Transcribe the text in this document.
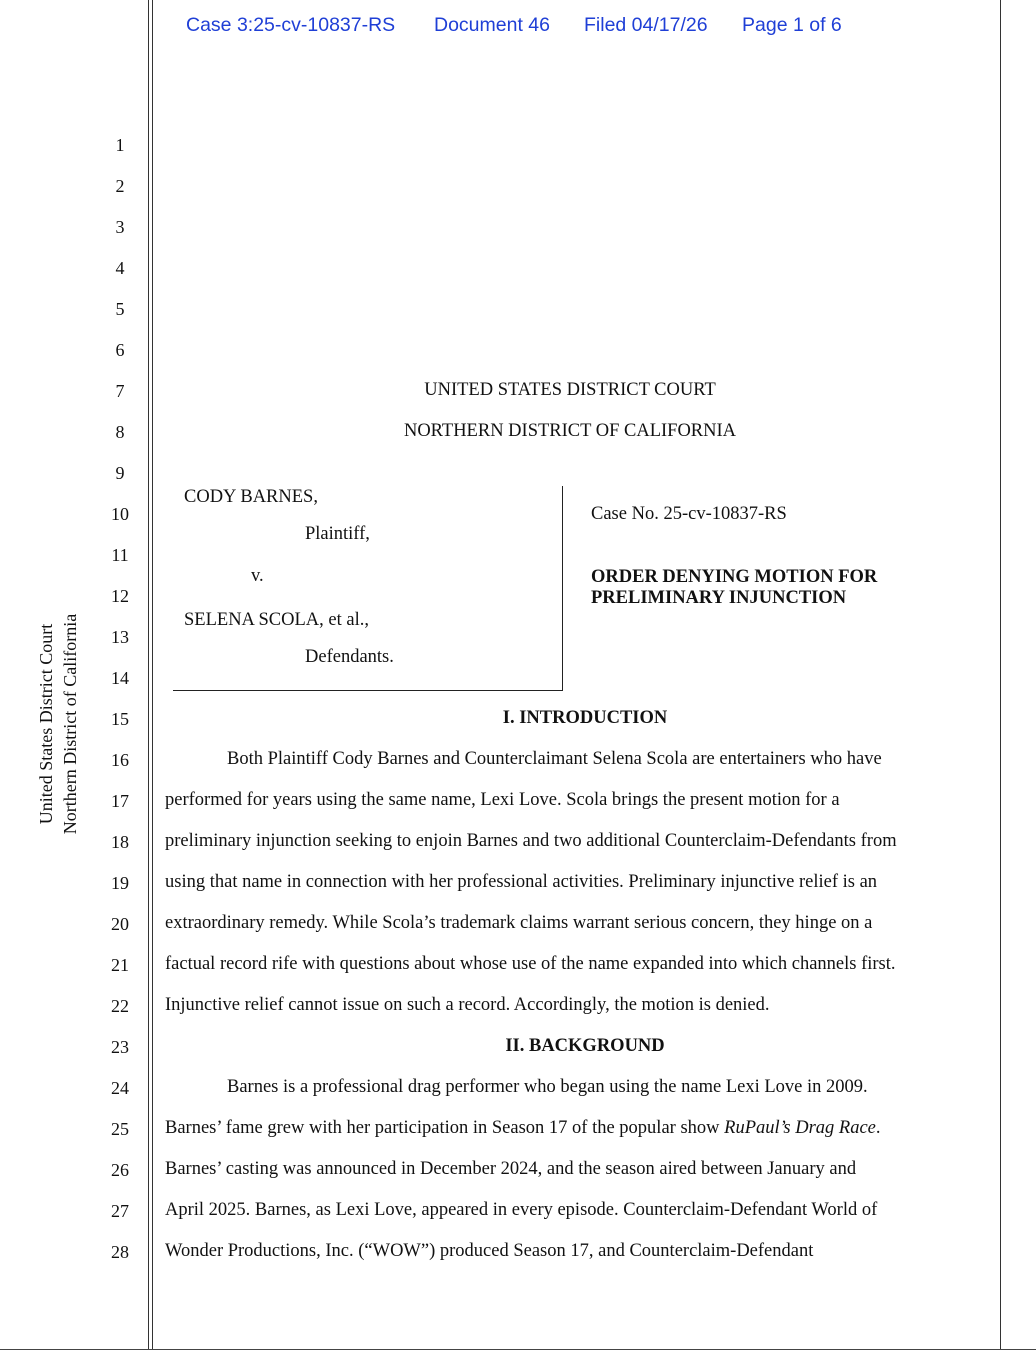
Case 3:25-cv-10837-RS Document 46 Filed 04/17/26 Page 1 of 6
United States District Court Northern District of California
1
2
3
4
5
6
7
8
9
10
11
12
13
14
15
16
17
18
19
20
21
22
23
24
25
26
27
28
UNITED STATES DISTRICT COURT
NORTHERN DISTRICT OF CALIFORNIA
CODY BARNES,
Plaintiff,
v.
SELENA SCOLA, et al.,
Defendants.
Case No. 25-cv-10837-RS
ORDER DENYING MOTION FOR
PRELIMINARY INJUNCTION
I. INTRODUCTION
Both Plaintiff Cody Barnes and Counterclaimant Selena Scola are entertainers who have
performed for years using the same name, Lexi Love. Scola brings the present motion for a
preliminary injunction seeking to enjoin Barnes and two additional Counterclaim-Defendants from
using that name in connection with her professional activities. Preliminary injunctive relief is an
extraordinary remedy. While Scola’s trademark claims warrant serious concern, they hinge on a
factual record rife with questions about whose use of the name expanded into which channels first.
Injunctive relief cannot issue on such a record. Accordingly, the motion is denied.
II. BACKGROUND
Barnes is a professional drag performer who began using the name Lexi Love in 2009.
Barnes’ fame grew with her participation in Season 17 of the popular show RuPaul’s Drag Race.
Barnes’ casting was announced in December 2024, and the season aired between January and
April 2025. Barnes, as Lexi Love, appeared in every episode. Counterclaim-Defendant World of
Wonder Productions, Inc. (“WOW”) produced Season 17, and Counterclaim-Defendant
